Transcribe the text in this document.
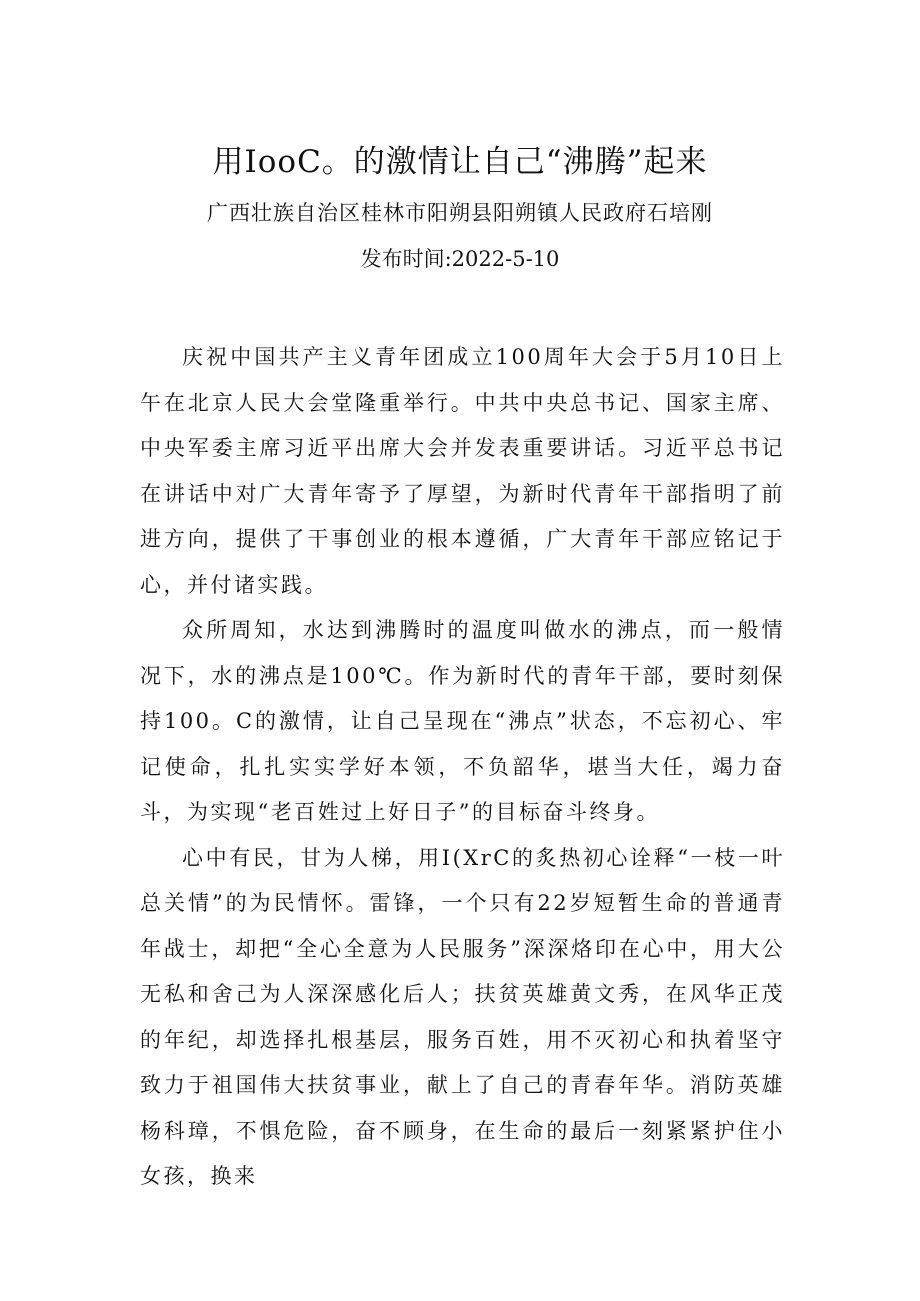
用IooC。的激情让自己“沸腾”起来
广西壮族自治区桂林市阳朔县阳朔镇人民政府石培刚
发布时间:2022-5-10

庆祝中国共产主义青年团成立100周年大会于5月10日上午在北京人民大会堂隆重举行。中共中央总书记、国家主席、中央军委主席习近平出席大会并发表重要讲话。习近平总书记在讲话中对广大青年寄予了厚望，为新时代青年干部指明了前进方向，提供了干事创业的根本遵循，广大青年干部应铭记于心，并付诸实践。

众所周知，水达到沸腾时的温度叫做水的沸点，而一般情况下，水的沸点是100℃。作为新时代的青年干部，要时刻保持100。C的激情，让自己呈现在“沸点”状态，不忘初心、牢记使命，扎扎实实学好本领，不负韶华，堪当大任，竭力奋斗，为实现“老百姓过上好日子”的目标奋斗终身。

心中有民，甘为人梯，用I(XrC的炙热初心诠释“一枝一叶总关情”的为民情怀。雷锋，一个只有22岁短暂生命的普通青年战士，却把“全心全意为人民服务”深深烙印在心中，用大公无私和舍己为人深深感化后人；扶贫英雄黄文秀，在风华正茂的年纪，却选择扎根基层，服务百姓，用不灭初心和执着坚守致力于祖国伟大扶贫事业，献上了自己的青春年华。消防英雄杨科璋，不惧危险，奋不顾身，在生命的最后一刻紧紧护住小女孩，换来
